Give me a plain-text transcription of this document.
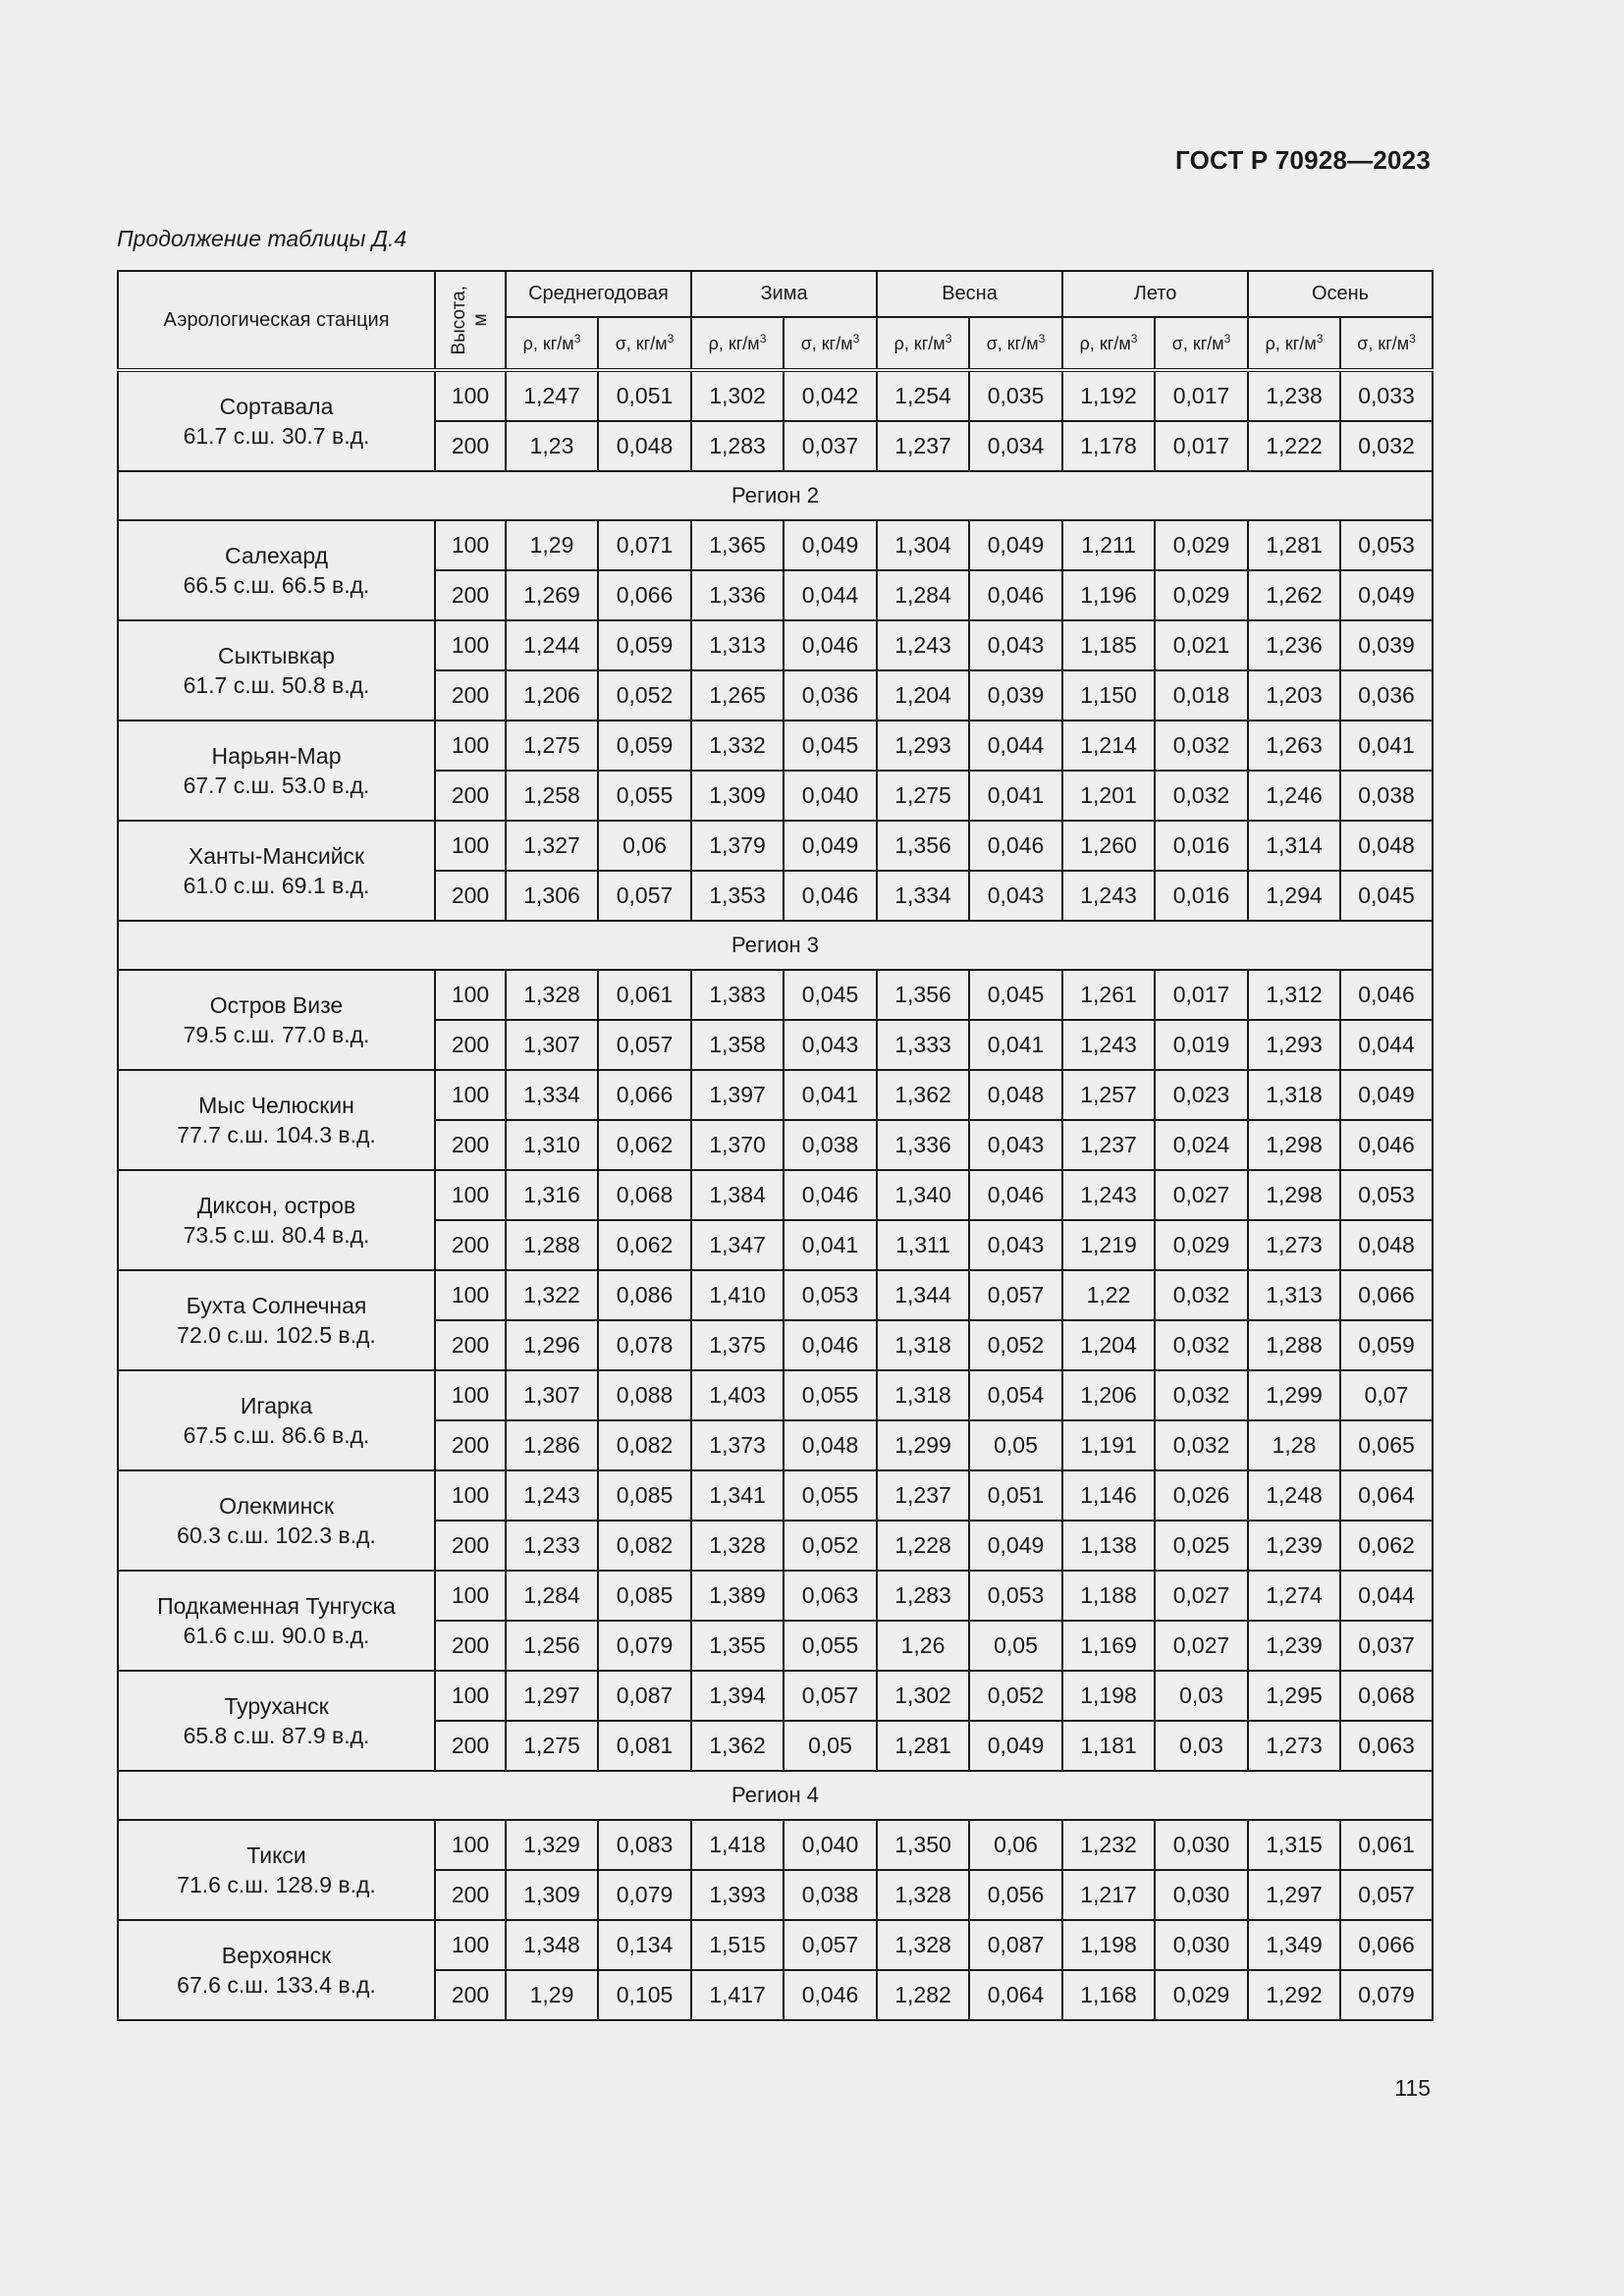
ГОСТ Р 70928—2023
Продолжение таблицы Д.4
Аэрологическая станция	Высота,
м	Среднегодовая		Зима		Весна		Лето		Осень	
		ρ, $кг/м^3$	σ, $кг/м^3$	ρ, $кг/м^3$	σ, $кг/м^3$	ρ, $кг/м^3$	σ, $кг/м^3$	ρ, $кг/м^3$	σ, $кг/м^3$	ρ, $кг/м^3$	σ, $кг/м^3$
Сортавала
61.7 с.ш. 30.7 в.д.	100	1,247	0,051	1,302	0,042	1,254	0,035	1,192	0,017	1,238	0,033
	200	1,23	0,048	1,283	0,037	1,237	0,034	1,178	0,017	1,222	0,032
Регион 2											
Салехард
66.5 с.ш. 66.5 в.д.	100	1,29	0,071	1,365	0,049	1,304	0,049	1,211	0,029	1,281	0,053
	200	1,269	0,066	1,336	0,044	1,284	0,046	1,196	0,029	1,262	0,049
Сыктывкар
61.7 с.ш. 50.8 в.д.	100	1,244	0,059	1,313	0,046	1,243	0,043	1,185	0,021	1,236	0,039
	200	1,206	0,052	1,265	0,036	1,204	0,039	1,150	0,018	1,203	0,036
Нарьян-Мар
67.7 с.ш. 53.0 в.д.	100	1,275	0,059	1,332	0,045	1,293	0,044	1,214	0,032	1,263	0,041
	200	1,258	0,055	1,309	0,040	1,275	0,041	1,201	0,032	1,246	0,038
Ханты-Мансийск
61.0 с.ш. 69.1 в.д.	100	1,327	0,06	1,379	0,049	1,356	0,046	1,260	0,016	1,314	0,048
	200	1,306	0,057	1,353	0,046	1,334	0,043	1,243	0,016	1,294	0,045
Регион 3											
Остров Визе
79.5 с.ш. 77.0 в.д.	100	1,328	0,061	1,383	0,045	1,356	0,045	1,261	0,017	1,312	0,046
	200	1,307	0,057	1,358	0,043	1,333	0,041	1,243	0,019	1,293	0,044
Мыс Челюскин
77.7 с.ш. 104.3 в.д.	100	1,334	0,066	1,397	0,041	1,362	0,048	1,257	0,023	1,318	0,049
	200	1,310	0,062	1,370	0,038	1,336	0,043	1,237	0,024	1,298	0,046
Диксон, остров
73.5 с.ш. 80.4 в.д.	100	1,316	0,068	1,384	0,046	1,340	0,046	1,243	0,027	1,298	0,053
	200	1,288	0,062	1,347	0,041	1,311	0,043	1,219	0,029	1,273	0,048
Бухта Солнечная
72.0 с.ш. 102.5 в.д.	100	1,322	0,086	1,410	0,053	1,344	0,057	1,22	0,032	1,313	0,066
	200	1,296	0,078	1,375	0,046	1,318	0,052	1,204	0,032	1,288	0,059
Игарка
67.5 с.ш. 86.6 в.д.	100	1,307	0,088	1,403	0,055	1,318	0,054	1,206	0,032	1,299	0,07
	200	1,286	0,082	1,373	0,048	1,299	0,05	1,191	0,032	1,28	0,065
Олекминск
60.3 с.ш. 102.3 в.д.	100	1,243	0,085	1,341	0,055	1,237	0,051	1,146	0,026	1,248	0,064
	200	1,233	0,082	1,328	0,052	1,228	0,049	1,138	0,025	1,239	0,062
Подкаменная Тунгуска
61.6 с.ш. 90.0 в.д.	100	1,284	0,085	1,389	0,063	1,283	0,053	1,188	0,027	1,274	0,044
	200	1,256	0,079	1,355	0,055	1,26	0,05	1,169	0,027	1,239	0,037
Туруханск
65.8 с.ш. 87.9 в.д.	100	1,297	0,087	1,394	0,057	1,302	0,052	1,198	0,03	1,295	0,068
	200	1,275	0,081	1,362	0,05	1,281	0,049	1,181	0,03	1,273	0,063
Регион 4											
Тикси
71.6 с.ш. 128.9 в.д.	100	1,329	0,083	1,418	0,040	1,350	0,06	1,232	0,030	1,315	0,061
	200	1,309	0,079	1,393	0,038	1,328	0,056	1,217	0,030	1,297	0,057
Верхоянск
67.6 с.ш. 133.4 в.д.	100	1,348	0,134	1,515	0,057	1,328	0,087	1,198	0,030	1,349	0,066
	200	1,29	0,105	1,417	0,046	1,282	0,064	1,168	0,029	1,292	0,079
115
